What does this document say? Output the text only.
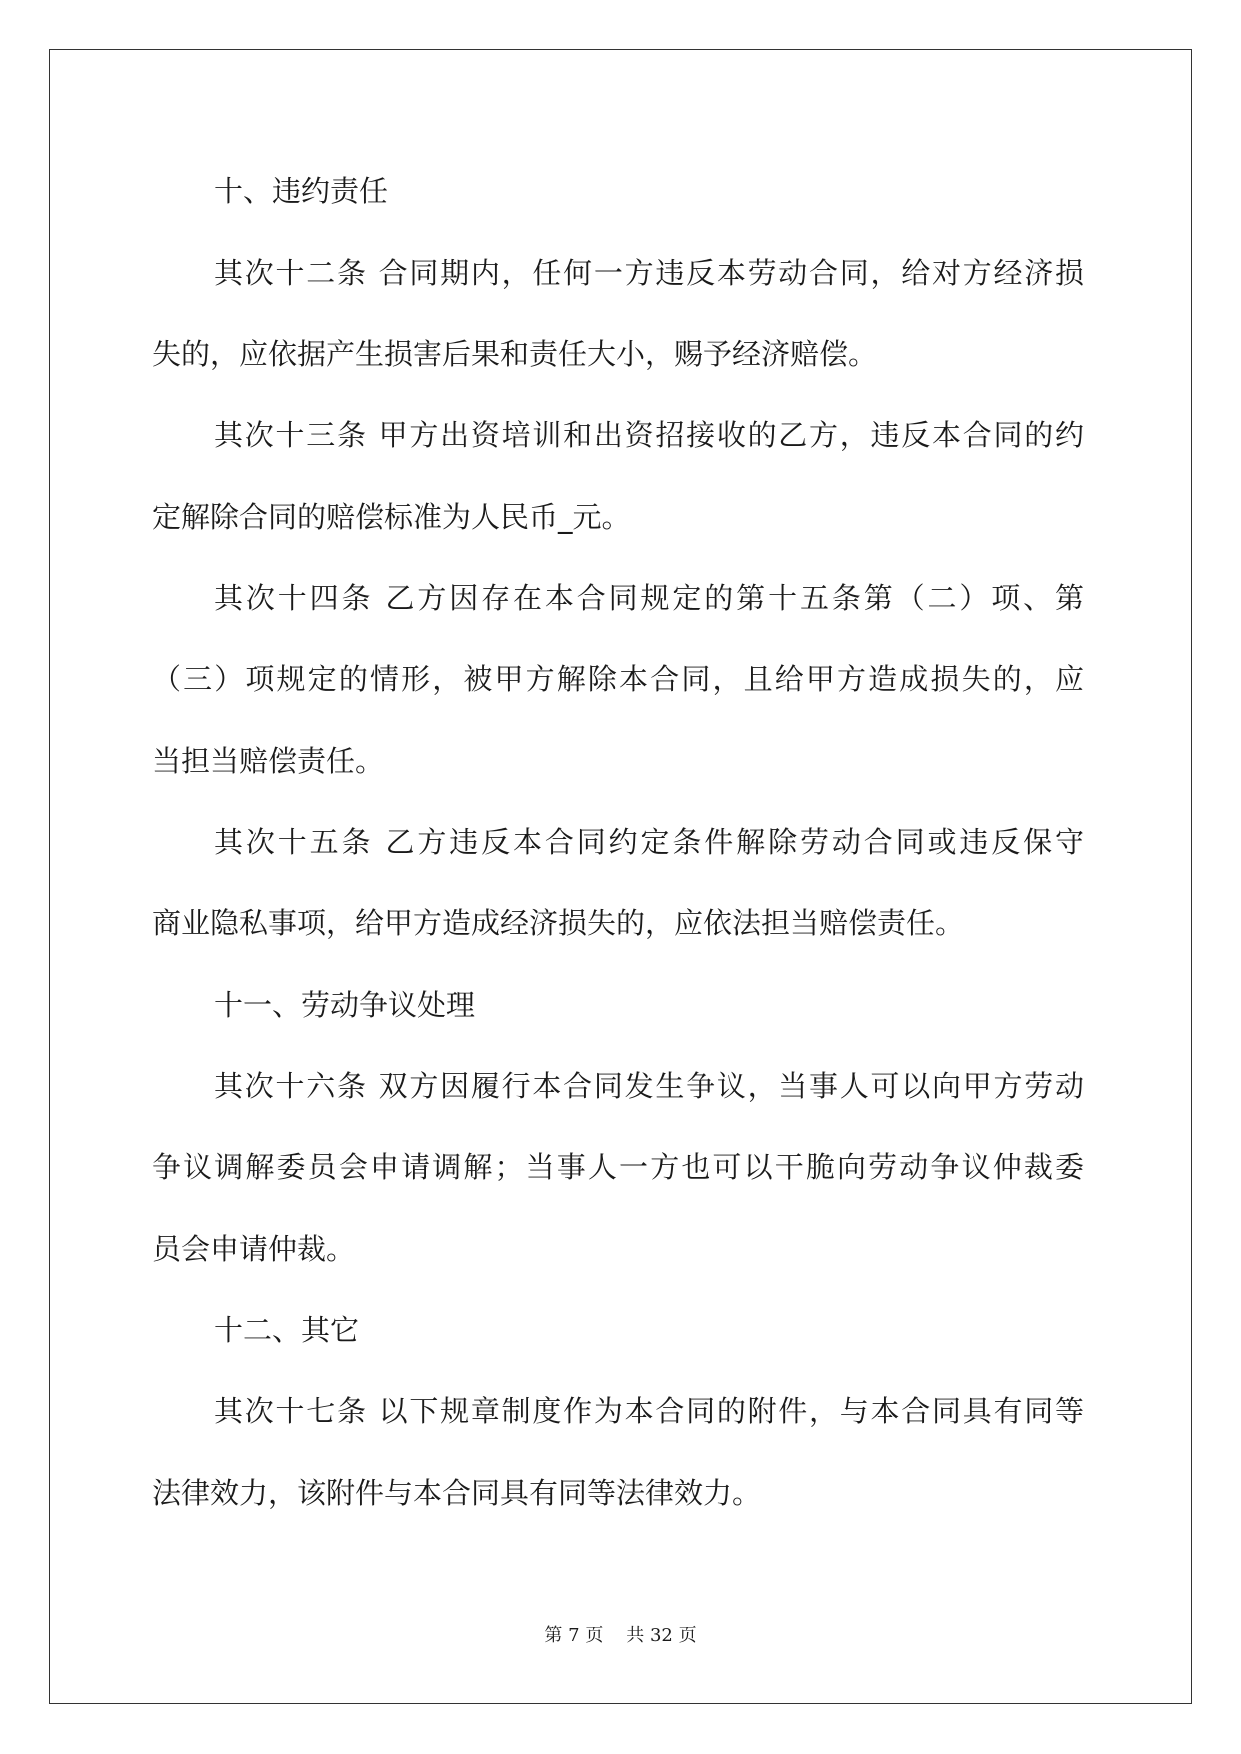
十、违约责任
其次十二条 合同期内，任何一方违反本劳动合同，给对方经济损
失的，应依据产生损害后果和责任大小，赐予经济赔偿。
其次十三条 甲方出资培训和出资招接收的乙方，违反本合同的约
定解除合同的赔偿标准为人民币_元。
其次十四条 乙方因存在本合同规定的第十五条第（二）项、第
（三）项规定的情形，被甲方解除本合同，且给甲方造成损失的，应
当担当赔偿责任。
其次十五条 乙方违反本合同约定条件解除劳动合同或违反保守
商业隐私事项，给甲方造成经济损失的，应依法担当赔偿责任。
十一、劳动争议处理
其次十六条 双方因履行本合同发生争议，当事人可以向甲方劳动
争议调解委员会申请调解；当事人一方也可以干脆向劳动争议仲裁委
员会申请仲裁。
十二、其它
其次十七条 以下规章制度作为本合同的附件，与本合同具有同等
法律效力，该附件与本合同具有同等法律效力。
第 7 页 共 32 页
